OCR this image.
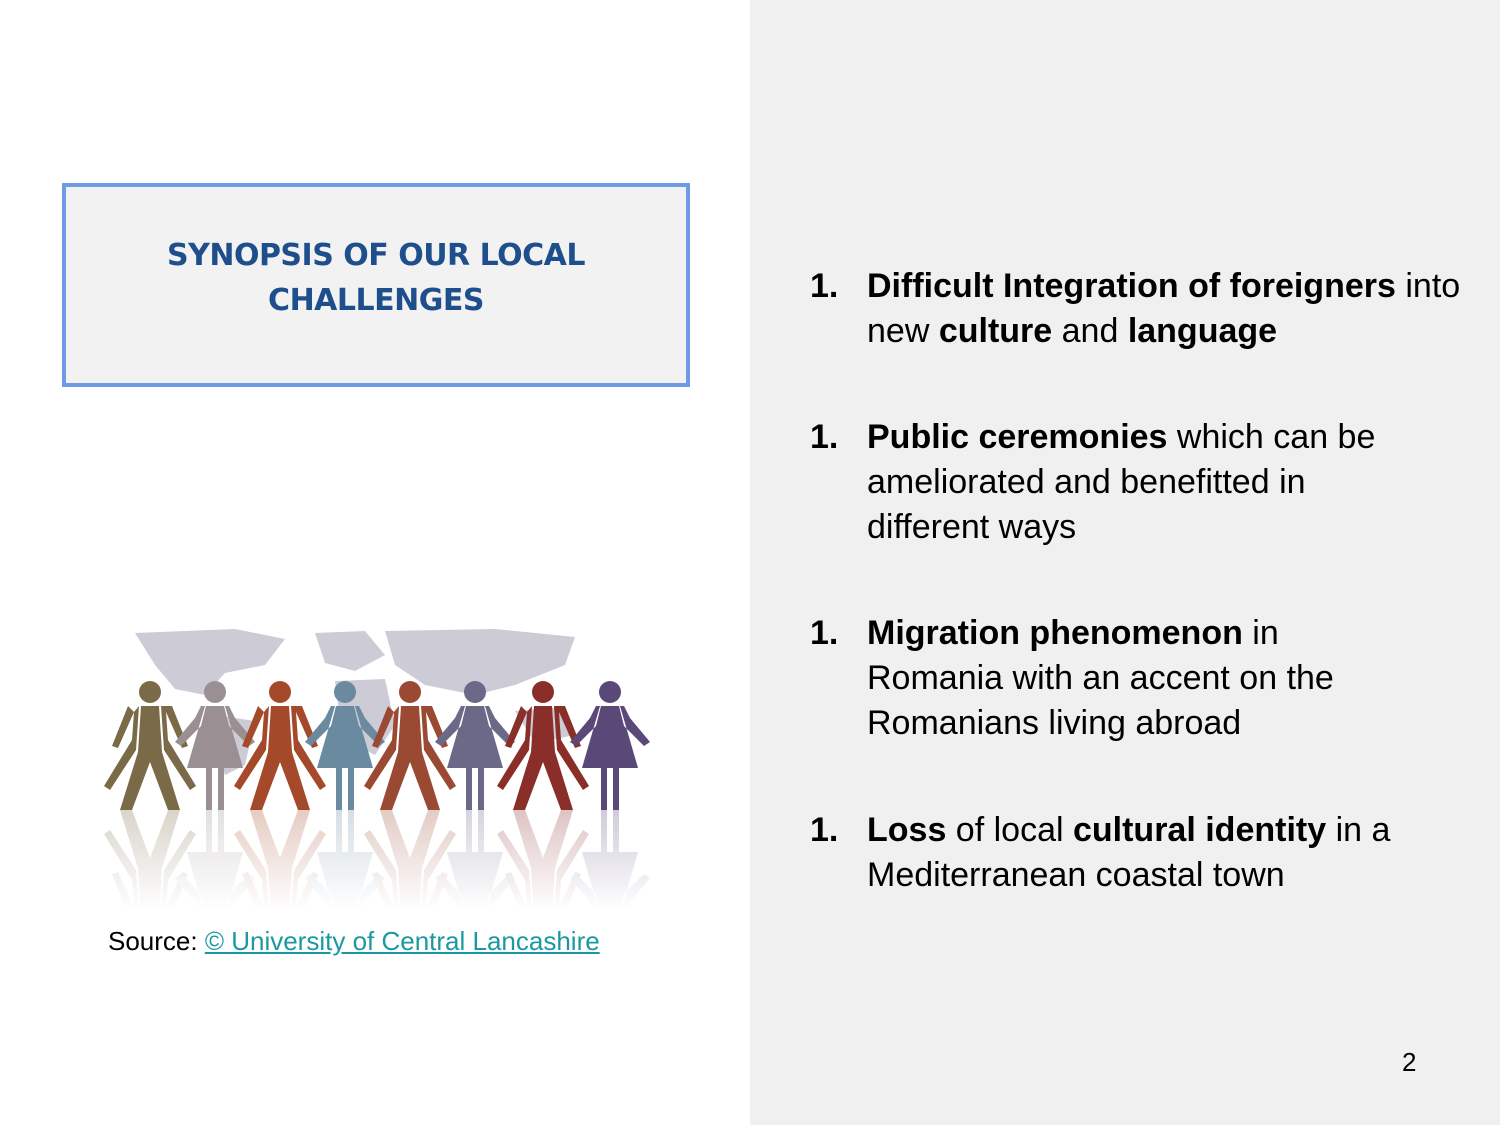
SYNOPSIS OF OUR LOCAL CHALLENGES
Source: © University of Central Lancashire
1. Difficult Integration of foreigners into new culture and language
1. Public ceremonies which can be ameliorated and benefitted in different ways
1. Migration phenomenon in Romania with an accent on the Romanians living abroad
1. Loss of local cultural identity in a Mediterranean coastal town
2
